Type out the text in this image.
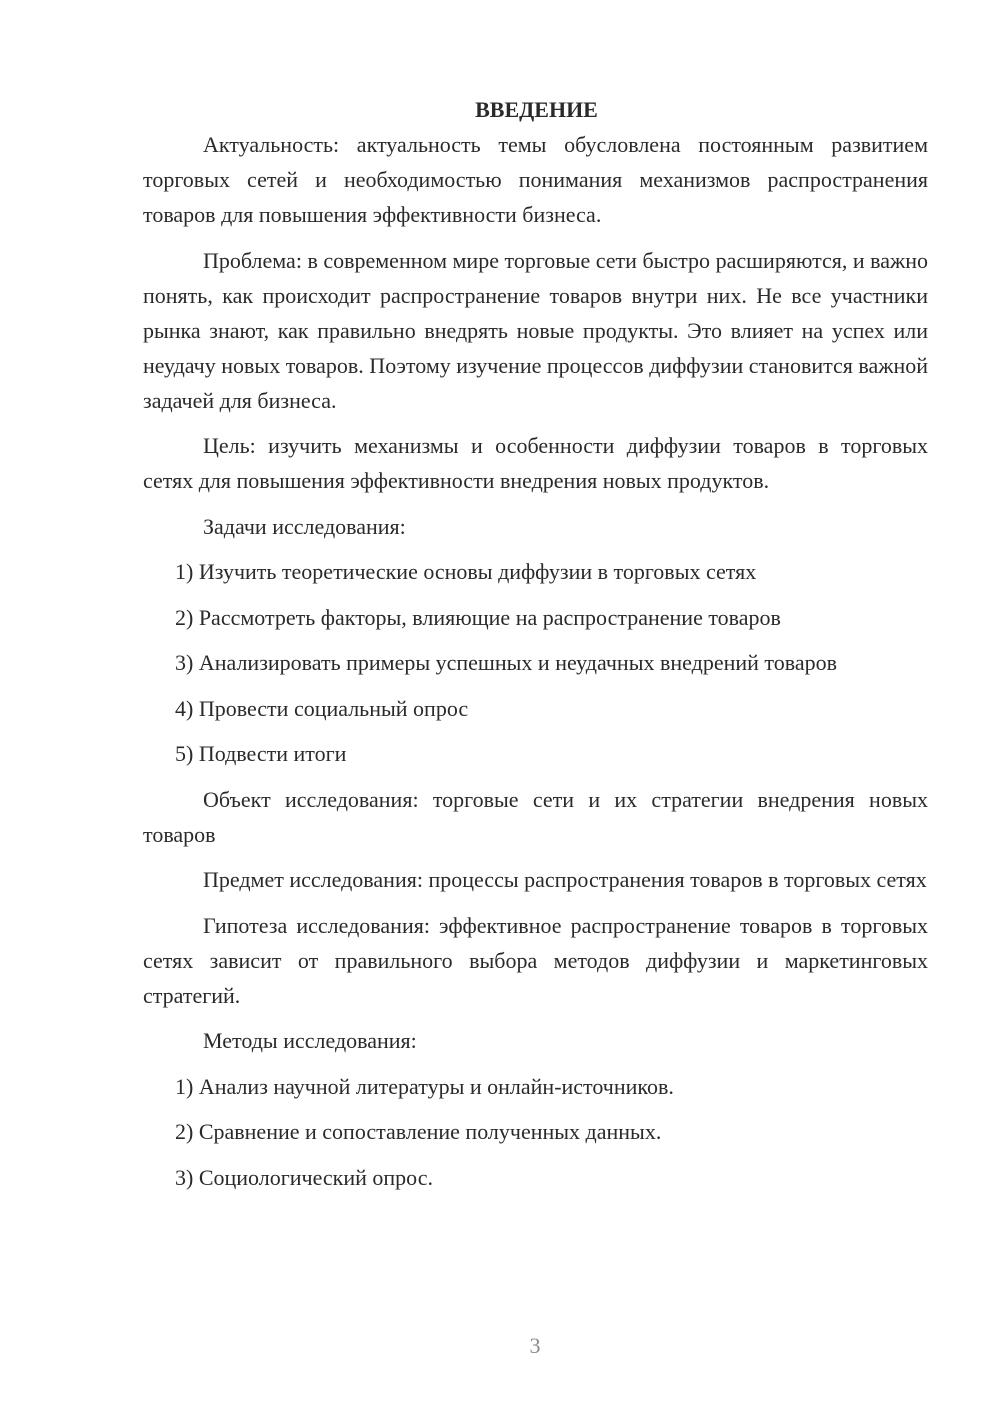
ВВЕДЕНИЕ

Актуальность: актуальность темы обусловлена постоянным развитием торговых сетей и необходимостью понимания механизмов распространения товаров для повышения эффективности бизнеса.

Проблема: в современном мире торговые сети быстро расширяются, и важно понять, как происходит распространение товаров внутри них. Не все участники рынка знают, как правильно внедрять новые продукты. Это влияет на успех или неудачу новых товаров. Поэтому изучение процессов диффузии становится важной задачей для бизнеса.

Цель: изучить механизмы и особенности диффузии товаров в торговых сетях для повышения эффективности внедрения новых продуктов.

Задачи исследования:

1) Изучить теоретические основы диффузии в торговых сетях
2) Рассмотреть факторы, влияющие на распространение товаров
3) Анализировать примеры успешных и неудачных внедрений товаров
4) Провести социальный опрос
5) Подвести итоги

Объект исследования: торговые сети и их стратегии внедрения новых товаров

Предмет исследования: процессы распространения товаров в торговых сетях

Гипотеза исследования: эффективное распространение товаров в торговых сетях зависит от правильного выбора методов диффузии и маркетинговых стратегий.

Методы исследования:

1) Анализ научной литературы и онлайн-источников.
2) Сравнение и сопоставление полученных данных.
3) Социологический опрос.
3
